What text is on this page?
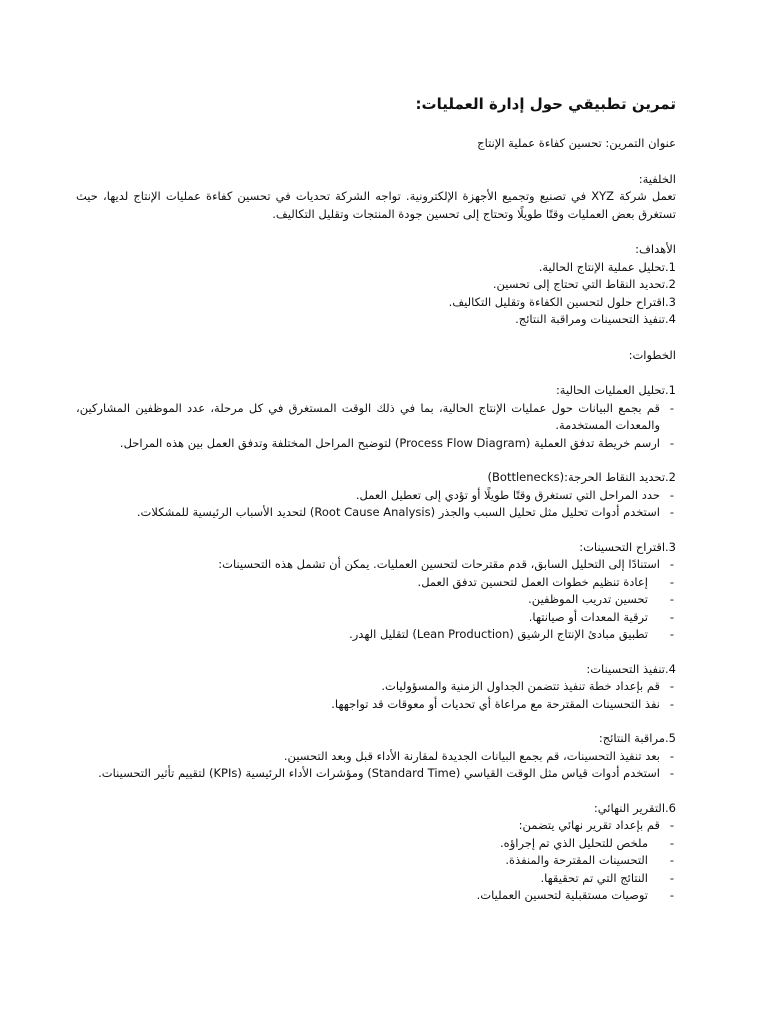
تمرين تطبيقي حول إدارة العمليات:

عنوان التمرين: تحسين كفاءة عملية الإنتاج

الخلفية:

تعمل شركة XYZ في تصنيع وتجميع الأجهزة الإلكترونية. تواجه الشركة تحديات في تحسين كفاءة عمليات الإنتاج لديها، حيث تستغرق بعض العمليات وقتًا طويلًا وتحتاج إلى تحسين جودة المنتجات وتقليل التكاليف.

الأهداف:

1.تحليل عملية الإنتاج الحالية.
2.تحديد النقاط التي تحتاج إلى تحسين.
3.اقتراح حلول لتحسين الكفاءة وتقليل التكاليف.
4.تنفيذ التحسينات ومراقبة النتائج.

الخطوات:

1.تحليل العمليات الحالية:

- قم بجمع البيانات حول عمليات الإنتاج الحالية، بما في ذلك الوقت المستغرق في كل مرحلة، عدد الموظفين المشاركين، والمعدات المستخدمة.
- ارسم خريطة تدفق العملية (Process Flow Diagram) لتوضيح المراحل المختلفة وتدفق العمل بين هذه المراحل.

2.تحديد النقاط الحرجة:(Bottlenecks)

- حدد المراحل التي تستغرق وقتًا طويلًا أو تؤدي إلى تعطيل العمل.
- استخدم أدوات تحليل مثل تحليل السبب والجذر (Root Cause Analysis) لتحديد الأسباب الرئيسية للمشكلات.

3.اقتراح التحسينات:

- استنادًا إلى التحليل السابق، قدم مقترحات لتحسين العمليات. يمكن أن تشمل هذه التحسينات:
- إعادة تنظيم خطوات العمل لتحسين تدفق العمل.
- تحسين تدريب الموظفين.
- ترقية المعدات أو صيانتها.
- تطبيق مبادئ الإنتاج الرشيق (Lean Production) لتقليل الهدر.

4.تنفيذ التحسينات:

- قم بإعداد خطة تنفيذ تتضمن الجداول الزمنية والمسؤوليات.
- نفذ التحسينات المقترحة مع مراعاة أي تحديات أو معوقات قد تواجهها.

5.مراقبة النتائج:

- بعد تنفيذ التحسينات، قم بجمع البيانات الجديدة لمقارنة الأداء قبل وبعد التحسين.
- استخدم أدوات قياس مثل الوقت القياسي (Standard Time) ومؤشرات الأداء الرئيسية (KPIs) لتقييم تأثير التحسينات.

6.التقرير النهائي:

- قم بإعداد تقرير نهائي يتضمن:
- ملخص للتحليل الذي تم إجراؤه.
- التحسينات المقترحة والمنفذة.
- النتائج التي تم تحقيقها.
- توصيات مستقبلية لتحسين العمليات.
